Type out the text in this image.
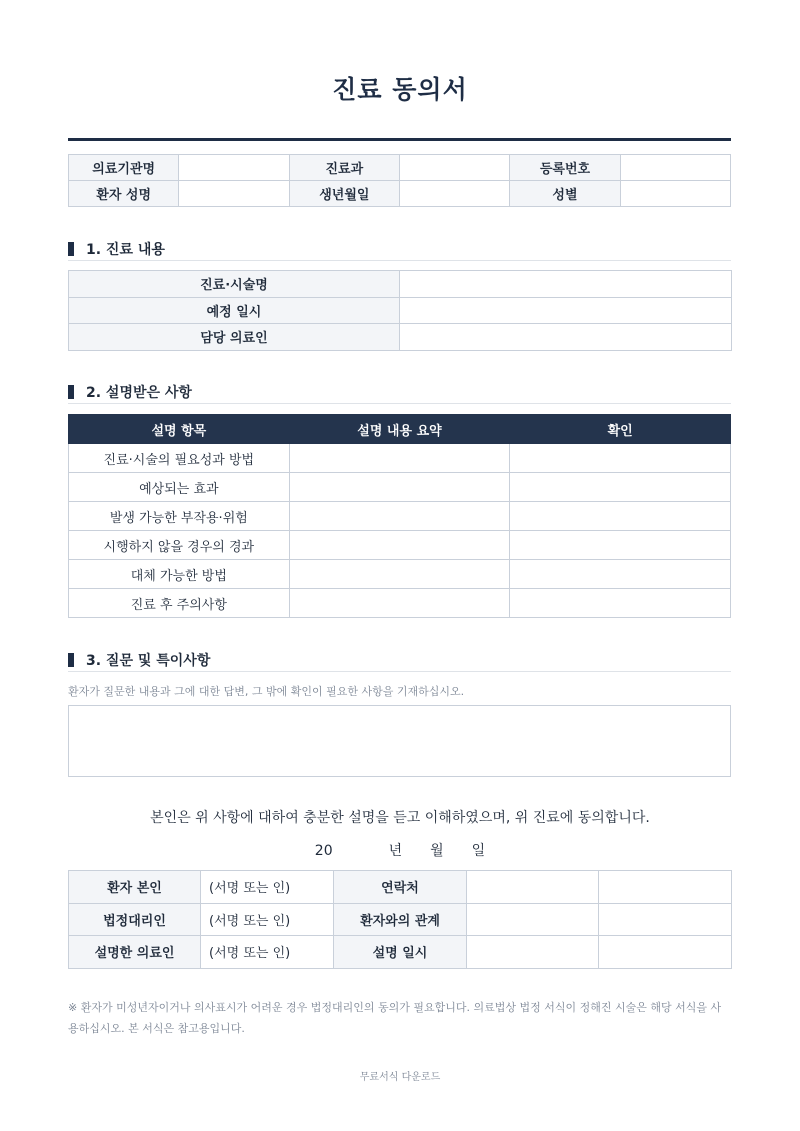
진료 동의서
의료기관명		진료과		등록번호	
환자 성명		생년월일		성별	
1. 진료 내용
진료·시술명	
예정 일시	
담당 의료인	
2. 설명받은 사항
설명 항목	설명 내용 요약	확인
진료·시술의 필요성과 방법		
예상되는 효과		
발생 가능한 부작용·위험		
시행하지 않을 경우의 경과		
대체 가능한 방법		
진료 후 주의사항		
3. 질문 및 특이사항
환자가 질문한 내용과 그에 대한 답변, 그 밖에 확인이 필요한 사항을 기재하십시오.
본인은 위 사항에 대하여 충분한 설명을 듣고 이해하였으며, 위 진료에 동의합니다.
20	년 월 일
환자 본인	(서명 또는 인)	연락처		
법정대리인	(서명 또는 인)	환자와의 관계		
설명한 의료인	(서명 또는 인)	설명 일시		
※ 환자가 미성년자이거나 의사표시가 어려운 경우 법정대리인의 동의가 필요합니다. 의료법상 법정 서식이 정해진 시술은 해당 서식을 사용하십시오. 본 서식은 참고용입니다.
무료서식 다운로드
